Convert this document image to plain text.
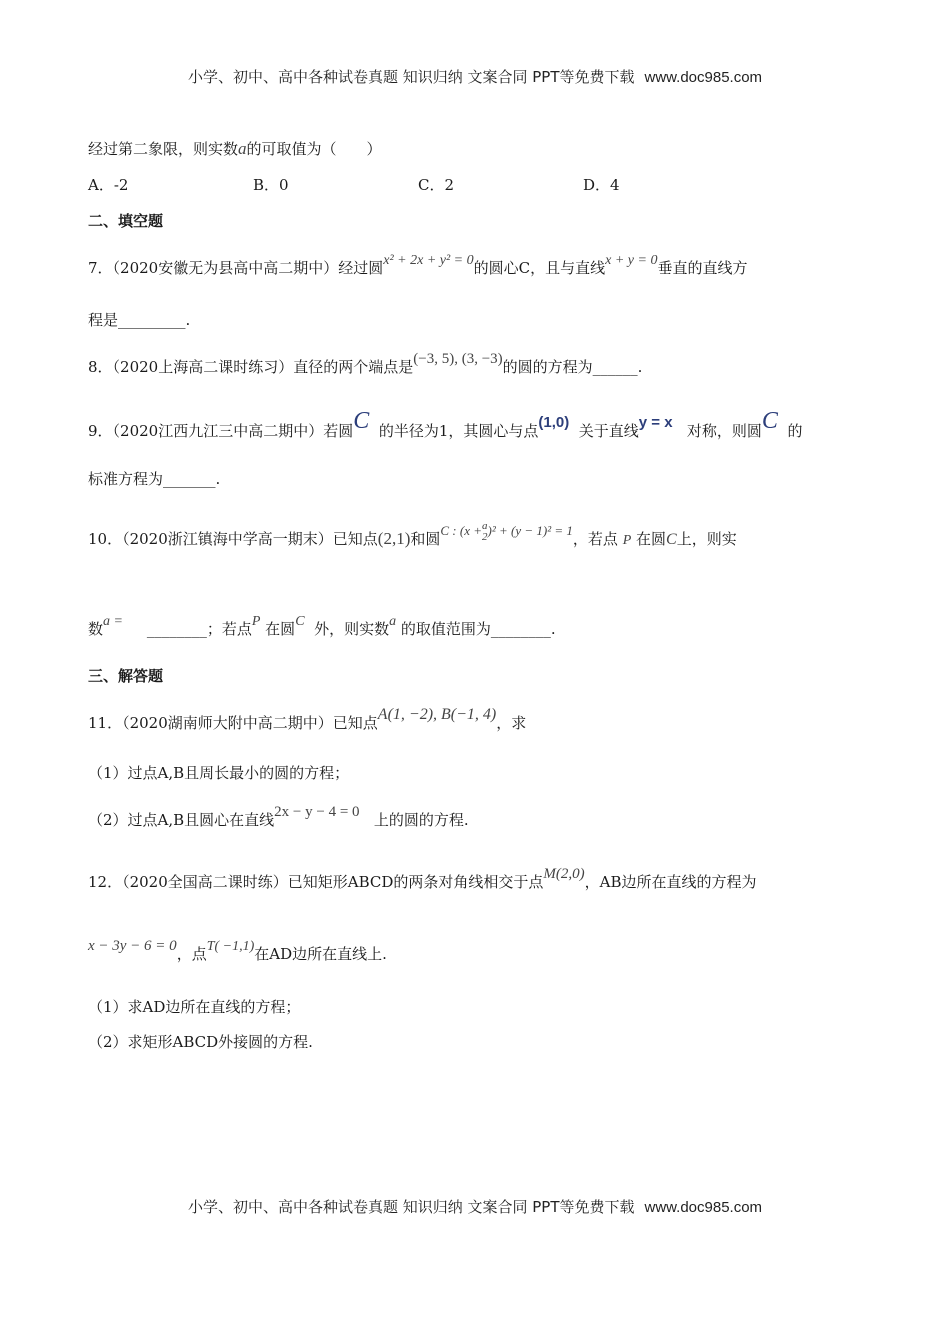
小学、初中、高中各种试卷真题 知识归纳 文案合同 PPT等免费下载 www.doc985.com
经过第二象限，则实数a的可取值为（　　）
A．-2	B．0	C．2	D．4
二、填空题
7．（2020安徽无为县高中高二期中）经过圆x² + 2x + y² = 0的圆心C，且与直线x + y = 0垂直的直线方
程是_________.
8．（2020上海高二课时练习）直径的两个端点是(−3, 5), (3, −3)的圆的方程为______.
9．（2020江西九江三中高二期中）若圆C 的半径为1，其圆心与点(1,0) 关于直线y = x 对称，则圆C 的
标准方程为_______.
10．（2020浙江镇海中学高一期末）已知点(2,1)和圆C : (x +a
2)² + (y − 1)² = 1，若点 P 在圆C上，则实
数a = ________；若点P 在圆C 外，则实数a 的取值范围为________.
三、解答题
11．（2020湖南师大附中高二期中）已知点A(1, −2), B(−1, 4)，求
（1）过点A,B且周长最小的圆的方程；
（2）过点A,B且圆心在直线2x − y − 4 = 0 上的圆的方程.
12．（2020全国高二课时练）已知矩形ABCD的两条对角线相交于点M(2,0)，AB边所在直线的方程为
x − 3y − 6 = 0，点T( −1,1)在AD边所在直线上.
（1）求AD边所在直线的方程；
（2）求矩形ABCD外接圆的方程.
小学、初中、高中各种试卷真题 知识归纳 文案合同 PPT等免费下载 www.doc985.com
